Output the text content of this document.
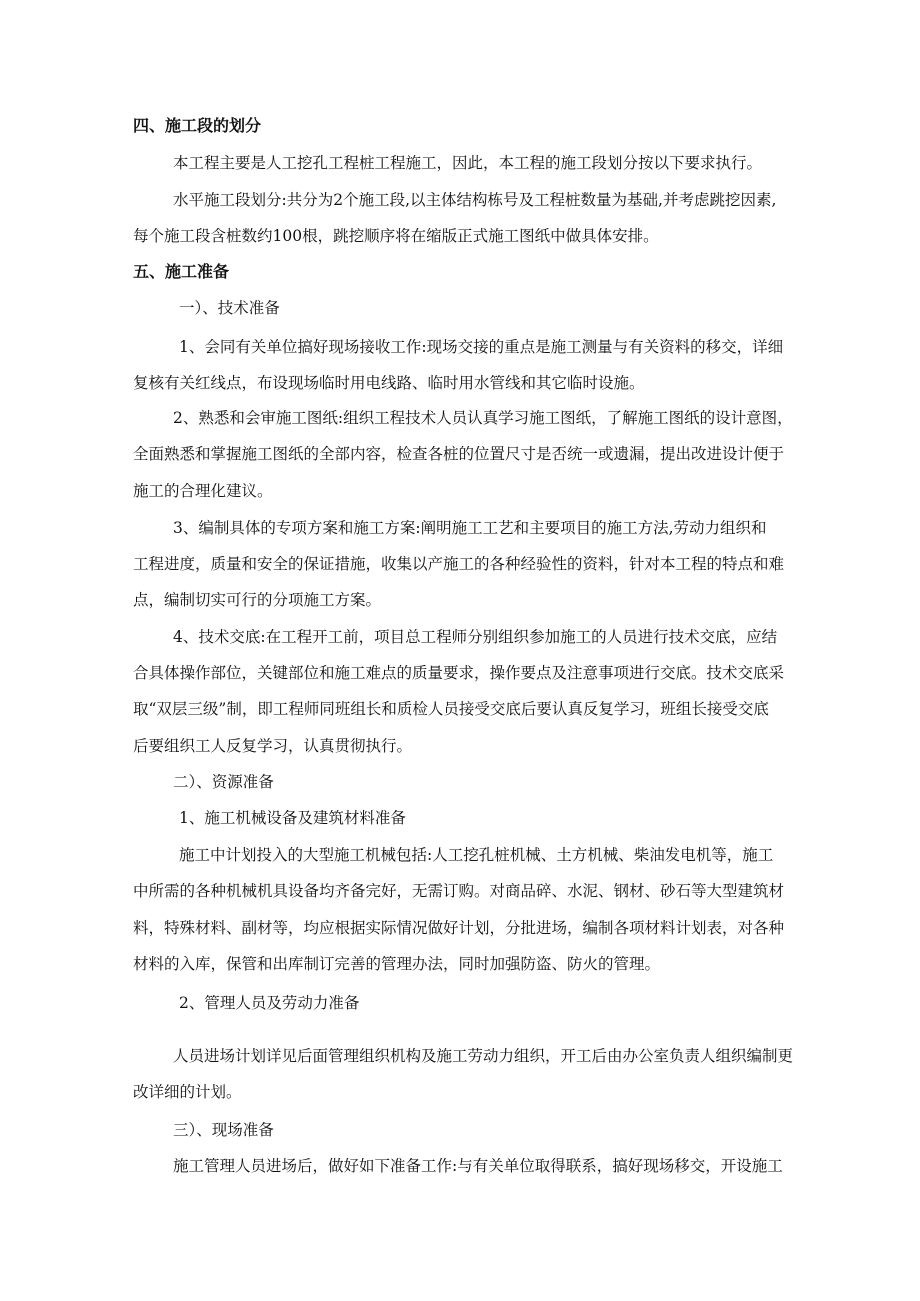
四、施工段的划分
本工程主要是人工挖孔工程桩工程施工，因此，本工程的施工段划分按以下要求执行。
水平施工段划分:共分为2个施工段,以主体结构栋号及工程桩数量为基础,并考虑跳挖因素,
每个施工段含桩数约100根，跳挖顺序将在缩版正式施工图纸中做具体安排。
五、施工准备
一）、技术准备
1、会同有关单位搞好现场接收工作:现场交接的重点是施工测量与有关资料的移交，详细
复核有关红线点，布设现场临时用电线路、临时用水管线和其它临时设施。
2、熟悉和会审施工图纸:组织工程技术人员认真学习施工图纸，了解施工图纸的设计意图，
全面熟悉和掌握施工图纸的全部内容，检查各桩的位置尺寸是否统一或遗漏，提出改进设计便于
施工的合理化建议。
3、编制具体的专项方案和施工方案:阐明施工工艺和主要项目的施工方法,劳动力组织和
工程进度，质量和安全的保证措施，收集以产施工的各种经验性的资料，针对本工程的特点和难
点，编制切实可行的分项施工方案。
4、技术交底:在工程开工前，项目总工程师分别组织参加施工的人员进行技术交底，应结
合具体操作部位，关键部位和施工难点的质量要求，操作要点及注意事项进行交底。技术交底采
取“双层三级”制，即工程师同班组长和质检人员接受交底后要认真反复学习，班组长接受交底
后要组织工人反复学习，认真贯彻执行。
二）、资源准备
1、施工机械设备及建筑材料准备
施工中计划投入的大型施工机械包括:人工挖孔桩机械、土方机械、柴油发电机等，施工
中所需的各种机械机具设备均齐备完好，无需订购。对商品碎、水泥、钢材、砂石等大型建筑材
料，特殊材料、副材等，均应根据实际情况做好计划，分批进场，编制各项材料计划表，对各种
材料的入库，保管和出库制订完善的管理办法，同时加强防盗、防火的管理。
2、管理人员及劳动力准备
人员进场计划详见后面管理组织机构及施工劳动力组织，开工后由办公室负责人组织编制更
改详细的计划。
三）、现场准备
施工管理人员进场后，做好如下准备工作:与有关单位取得联系，搞好现场移交，开设施工
